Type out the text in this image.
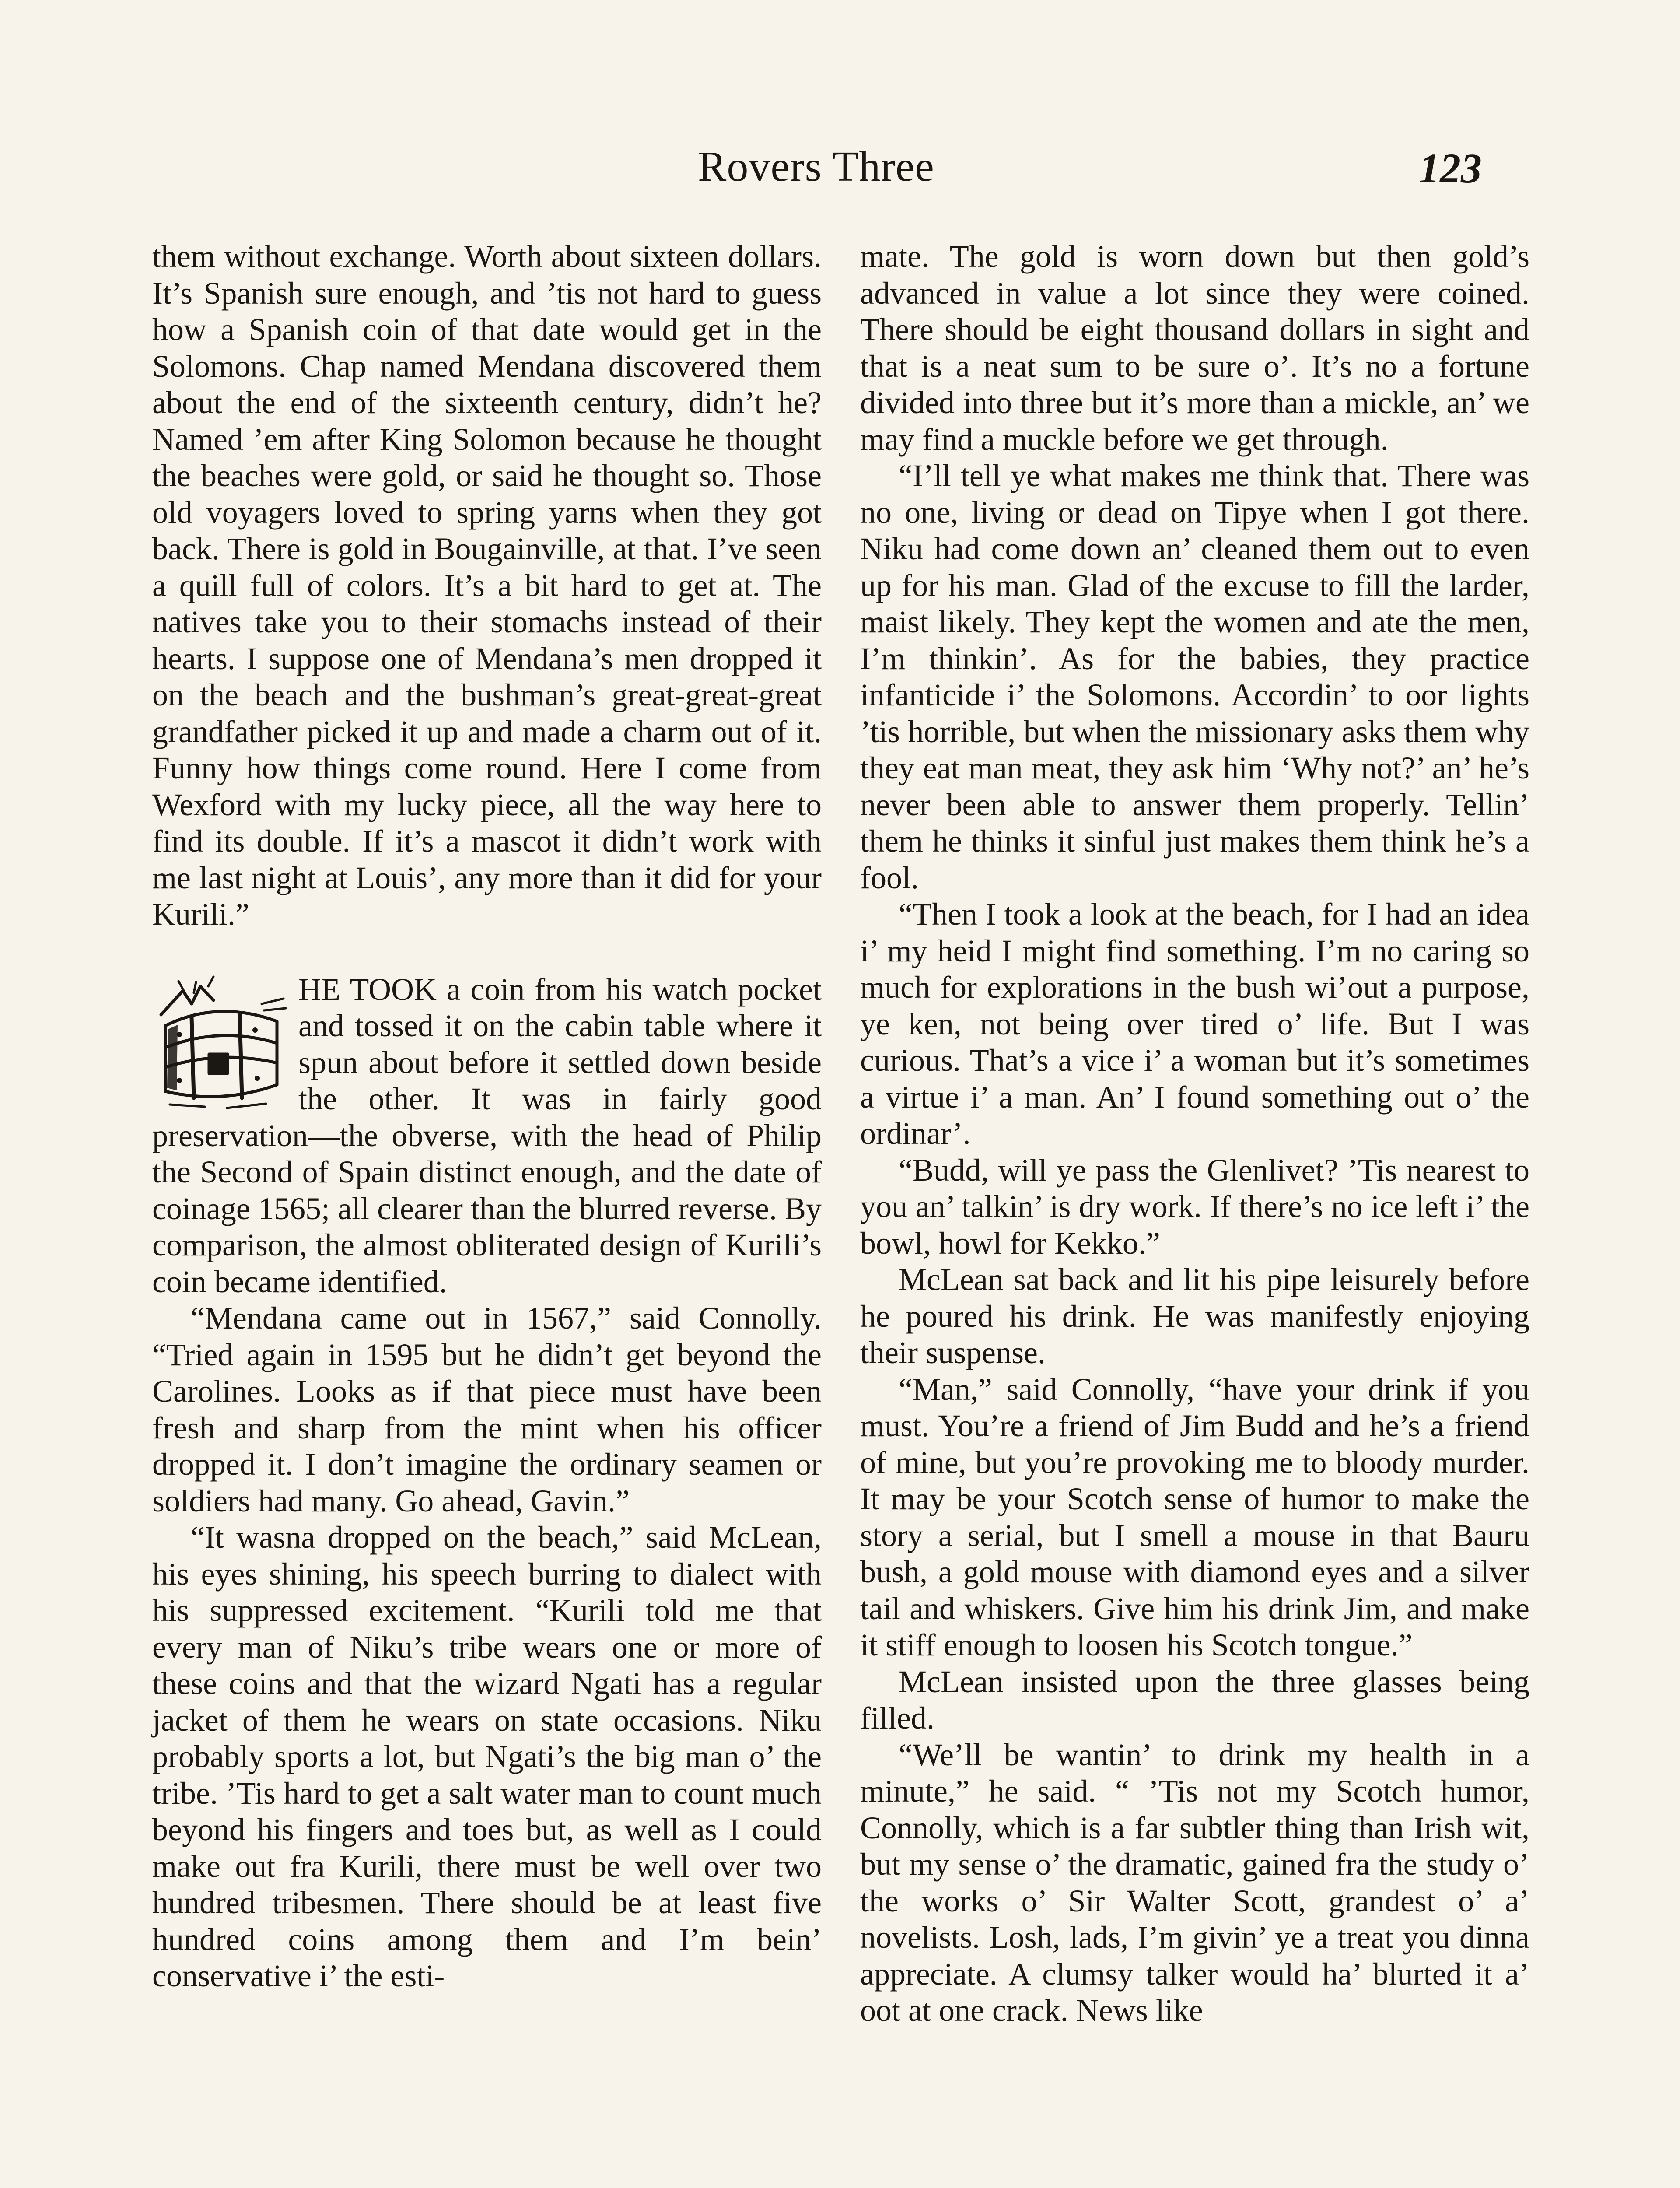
Rovers Three	123

them without exchange. Worth about sixteen dollars. It’s Spanish sure enough, and ’tis not hard to guess how a Spanish coin of that date would get in the Solomons. Chap named Mendana discovered them about the end of the sixteenth century, didn’t he? Named ’em after King Solomon because he thought the beaches were gold, or said he thought so. Those old voyagers loved to spring yarns when they got back. There is gold in Bougainville, at that. I’ve seen a quill full of colors. It’s a bit hard to get at. The natives take you to their stomachs instead of their hearts. I suppose one of Mendana’s men dropped it on the beach and the bushman’s great-great-great grandfather picked it up and made a charm out of it. Funny how things come round. Here I come from Wexford with my lucky piece, all the way here to find its double. If it’s a mascot it didn’t work with me last night at Louis’, any more than it did for your Kurili.”

HE TOOK a coin from his watch pocket and tossed it on the cabin table where it spun about before it settled down beside the other. It was in fairly good preservation—the obverse, with the head of Philip the Second of Spain distinct enough, and the date of coinage 1565; all clearer than the blurred reverse. By comparison, the almost obliterated design of Kurili’s coin became identified.

“Mendana came out in 1567,” said Connolly. “Tried again in 1595 but he didn’t get beyond the Carolines. Looks as if that piece must have been fresh and sharp from the mint when his officer dropped it. I don’t imagine the ordinary seamen or soldiers had many. Go ahead, Gavin.”

“It wasna dropped on the beach,” said McLean, his eyes shining, his speech burring to dialect with his suppressed excitement. “Kurili told me that every man of Niku’s tribe wears one or more of these coins and that the wizard Ngati has a regular jacket of them he wears on state occasions. Niku probably sports a lot, but Ngati’s the big man o’ the tribe. ’Tis hard to get a salt water man to count much beyond his fingers and toes but, as well as I could make out fra Kurili, there must be well over two hundred tribesmen. There should be at least five hundred coins among them and I’m bein’ conservative i’ the esti-

mate. The gold is worn down but then gold’s advanced in value a lot since they were coined. There should be eight thousand dollars in sight and that is a neat sum to be sure o’. It’s no a fortune divided into three but it’s more than a mickle, an’ we may find a muckle before we get through.

“I’ll tell ye what makes me think that. There was no one, living or dead on Tipye when I got there. Niku had come down an’ cleaned them out to even up for his man. Glad of the excuse to fill the larder, maist likely. They kept the women and ate the men, I’m thinkin’. As for the babies, they practice infanticide i’ the Solomons. Accordin’ to oor lights ’tis horrible, but when the missionary asks them why they eat man meat, they ask him ‘Why not?’ an’ he’s never been able to answer them properly. Tellin’ them he thinks it sinful just makes them think he’s a fool.

“Then I took a look at the beach, for I had an idea i’ my heid I might find something. I’m no caring so much for explorations in the bush wi’out a purpose, ye ken, not being over tired o’ life. But I was curious. That’s a vice i’ a woman but it’s sometimes a virtue i’ a man. An’ I found something out o’ the ordinar’.

“Budd, will ye pass the Glenlivet? ’Tis nearest to you an’ talkin’ is dry work. If there’s no ice left i’ the bowl, howl for Kekko.”

McLean sat back and lit his pipe leisurely before he poured his drink. He was manifestly enjoying their suspense.

“Man,” said Connolly, “have your drink if you must. You’re a friend of Jim Budd and he’s a friend of mine, but you’re provoking me to bloody murder. It may be your Scotch sense of humor to make the story a serial, but I smell a mouse in that Bauru bush, a gold mouse with diamond eyes and a silver tail and whiskers. Give him his drink Jim, and make it stiff enough to loosen his Scotch tongue.”

McLean insisted upon the three glasses being filled.

“We’ll be wantin’ to drink my health in a minute,” he said. “ ’Tis not my Scotch humor, Connolly, which is a far subtler thing than Irish wit, but my sense o’ the dramatic, gained fra the study o’ the works o’ Sir Walter Scott, grandest o’ a’ novelists. Losh, lads, I’m givin’ ye a treat you dinna appreciate. A clumsy talker would ha’ blurted it a’ oot at one crack. News like
